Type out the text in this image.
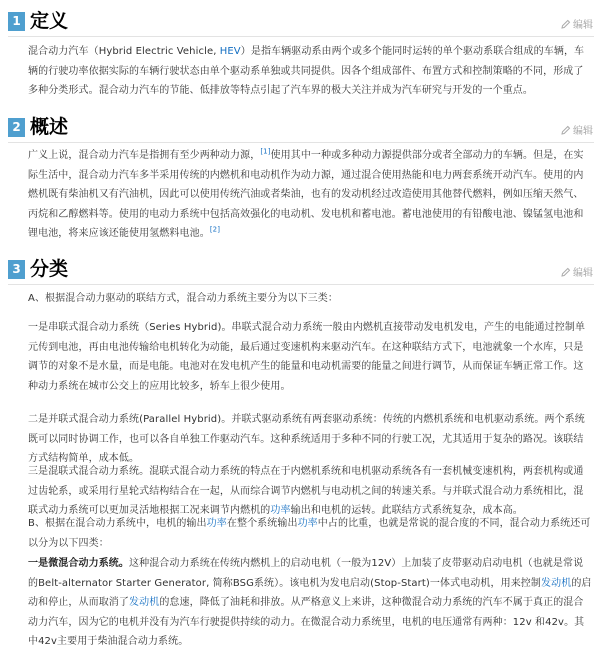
1 定义	编辑
混合动力汽车（Hybrid Electric Vehicle, HEV）是指车辆驱动系由两个或多个能同时运转的单个驱动系联合组成的车辆，车辆的行驶功率依据实际的车辆行驶状态由单个驱动系单独或共同提供。因各个组成部件、布置方式和控制策略的不同，形成了多种分类形式。混合动力汽车的节能、低排放等特点引起了汽车界的极大关注并成为汽车研究与开发的一个重点。
2 概述	编辑
广义上说，混合动力汽车是指拥有至少两种动力源，[1]使用其中一种或多种动力源提供部分或者全部动力的车辆。但是，在实际生活中，混合动力汽车多半采用传统的内燃机和电动机作为动力源，通过混合使用热能和电力两套系统开动汽车。使用的内燃机既有柴油机又有汽油机，因此可以使用传统汽油或者柴油，也有的发动机经过改造使用其他替代燃料，例如压缩天然气、丙烷和乙醇燃料等。使用的电动力系统中包括高效强化的电动机、发电机和蓄电池。蓄电池使用的有铅酸电池、镍锰氢电池和锂电池，将来应该还能使用氢燃料电池。[2]
3 分类	编辑
A、根据混合动力驱动的联结方式，混合动力系统主要分为以下三类：
一是串联式混合动力系统（Series Hybrid)。串联式混合动力系统一般由内燃机直接带动发电机发电，产生的电能通过控制单元传到电池，再由电池传输给电机转化为动能，最后通过变速机构来驱动汽车。在这种联结方式下，电池就象一个水库，只是调节的对象不是水量，而是电能。电池对在发电机产生的能量和电动机需要的能量之间进行调节，从而保证车辆正常工作。这种动力系统在城市公交上的应用比较多，轿车上很少使用。
二是并联式混合动力系统(Parallel Hybrid)。并联式驱动系统有两套驱动系统：传统的内燃机系统和电机驱动系统。两个系统既可以同时协调工作，也可以各自单独工作驱动汽车。这种系统适用于多种不同的行驶工况，尤其适用于复杂的路况。该联结方式结构简单，成本低。
三是混联式混合动力系统。混联式混合动力系统的特点在于内燃机系统和电机驱动系统各有一套机械变速机构，两套机构或通过齿轮系，或采用行星轮式结构结合在一起，从而综合调节内燃机与电动机之间的转速关系。与并联式混合动力系统相比，混联式动力系统可以更加灵活地根据工况来调节内燃机的功率输出和电机的运转。此联结方式系统复杂，成本高。
B、根据在混合动力系统中，电机的输出功率在整个系统输出功率中占的比重，也就是常说的混合度的不同，混合动力系统还可以分为以下四类：
一是微混合动力系统。这种混合动力系统在传统内燃机上的启动电机（一般为12V）上加装了皮带驱动启动电机（也就是常说的Belt-alternator Starter Generator, 简称BSG系统）。该电机为发电启动(Stop-Start)一体式电动机，用来控制发动机的启动和停止，从而取消了发动机的怠速，降低了油耗和排放。从严格意义上来讲，这种微混合动力系统的汽车不属于真正的混合动力汽车，因为它的电机并没有为汽车行驶提供持续的动力。在微混合动力系统里，电机的电压通常有两种：12v 和42v。其中42v主要用于柴油混合动力系统。
